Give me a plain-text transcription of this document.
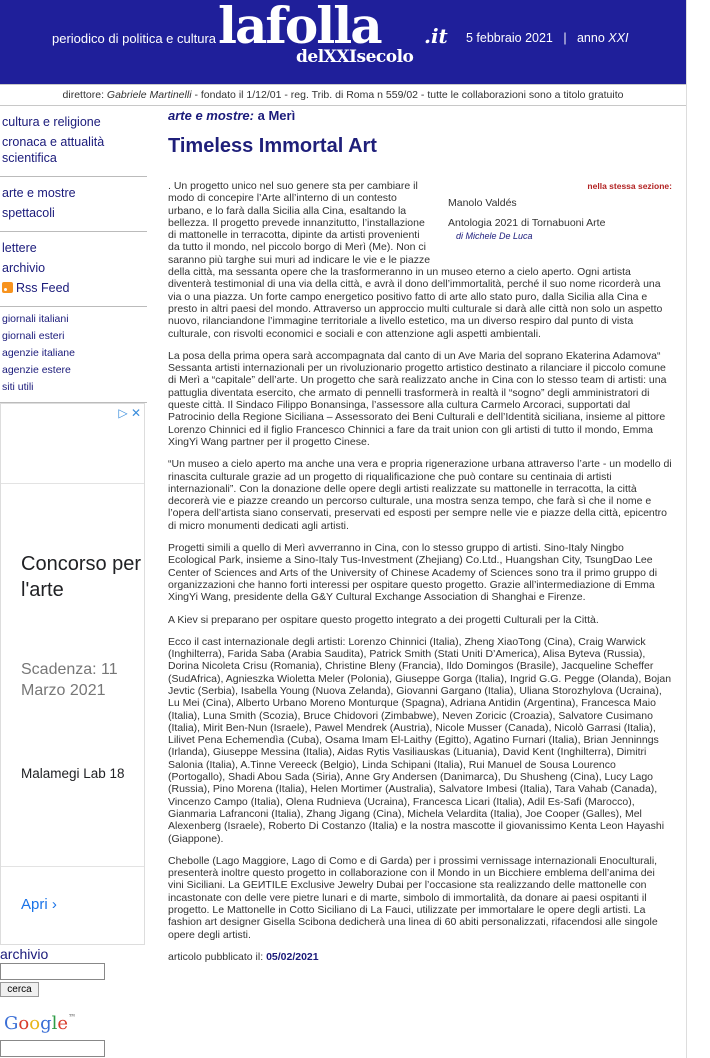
periodico di politica e cultura lafolla .it
delXXIsecolo
5 febbraio 2021 | anno XXI
direttore: Gabriele Martinelli - fondato il 1/12/01 - reg. Trib. di Roma n 559/02 - tutte le collaborazioni sono a titolo gratuito
cultura e religione
cronaca e attualità scientifica
arte e mostre
spettacoli
lettere
archivio
Rss Feed
giornali italiani
giornali esteri
agenzie italiane
agenzie estere
siti utili
▷ ✕
Concorso per l'arte
Scadenza: 11 Marzo 2021
Malamegi Lab 18
Apri ›
archivio
cerca
Google™
arte e mostre: a Merì
Timeless Immortal Art
nella stessa sezione:
Manolo Valdés
Antologia 2021 di Tornabuoni Arte
di Michele De Luca

. Un progetto unico nel suo genere sta per cambiare il modo di concepire l’Arte all’interno di un contesto urbano, e lo farà dalla Sicilia alla Cina, esaltando la bellezza. Il progetto prevede innanzitutto, l’installazione di mattonelle in terracotta, dipinte da artisti provenienti da tutto il mondo, nel piccolo borgo di Merì (Me). Non ci saranno più targhe sui muri ad indicare le vie e le piazze della città, ma sessanta opere che la trasformeranno in un museo eterno a cielo aperto. Ogni artista diventerà testimonial di una via della città, e avrà il dono dell’immortalità, perché il suo nome ricorderà una via o una piazza. Un forte campo energetico positivo fatto di arte allo stato puro, dalla Sicilia alla Cina e presto in altri paesi del mondo. Attraverso un approccio multi culturale si darà alle città non solo un aspetto nuovo, rilanciandone l’immagine territoriale a livello estetico, ma un diverso respiro dal punto di vista culturale, con risvolti economici e sociali e con attenzione agli aspetti ambientali.

La posa della prima opera sarà accompagnata dal canto di un Ave Maria del soprano Ekaterina Adamova“ Sessanta artisti internazionali per un rivoluzionario progetto artistico destinato a rilanciare il piccolo comune di Merì a “capitale” dell’arte. Un progetto che sarà realizzato anche in Cina con lo stesso team di artisti: una pattuglia diventata esercito, che armato di pennelli trasformerà in realtà il “sogno” degli amministratori di queste città. Il Sindaco Filippo Bonansinga, l’assessore alla cultura Carmelo Arcoraci, supportati dal Patrocinio della Regione Siciliana – Assessorato dei Beni Culturali e dell’Identità siciliana, insieme al pittore Lorenzo Chinnici ed il figlio Francesco Chinnici a fare da trait union con gli artisti di tutto il mondo, Emma XingYi Wang partner per il progetto Cinese.

“Un museo a cielo aperto ma anche una vera e propria rigenerazione urbana attraverso l’arte - un modello di rinascita culturale grazie ad un progetto di riqualificazione che può contare su centinaia di artisti internazionali”. Con la donazione delle opere degli artisti realizzate su mattonelle in terracotta, la città decorerà vie e piazze creando un percorso culturale, una mostra senza tempo, che farà sì che il nome e l’opera dell’artista siano conservati, preservati ed esposti per sempre nelle vie e piazze della città, epicentro di micro monumenti dedicati agli artisti.

Progetti simili a quello di Merì avverranno in Cina, con lo stesso gruppo di artisti. Sino-Italy Ningbo Ecological Park, insieme a Sino-Italy Tus-Investment (Zhejiang) Co.Ltd., Huangshan City, TsungDao Lee Center of Sciences and Arts of the University of Chinese Academy of Sciences sono tra il primo gruppo di organizzazioni che hanno forti interessi per ospitare questo progetto. Grazie all’intermediazione di Emma XingYi Wang, presidente della G&Y Cultural Exchange Association di Shanghai e Firenze.

A Kiev si preparano per ospitare questo progetto integrato a dei progetti Culturali per la Città.

Ecco il cast internazionale degli artisti: Lorenzo Chinnici (Italia), Zheng XiaoTong (Cina), Craig Warwick (Inghilterra), Farida Saba (Arabia Saudita), Patrick Smith (Stati Uniti D’America), Alisa Byteva (Russia), Dorina Nicoleta Crisu (Romania), Christine Bleny (Francia), Ildo Domingos (Brasile), Jacqueline Scheffer (SudAfrica), Agnieszka Wioletta Meler (Polonia), Giuseppe Gorga (Italia), Ingrid G.G. Pegge (Olanda), Bojan Jevtic (Serbia), Isabella Young (Nuova Zelanda), Giovanni Gargano (Italia), Uliana Storozhylova (Ucraina), Lu Mei (Cina), Alberto Urbano Moreno Monturque (Spagna), Adriana Antidin (Argentina), Francesca Maio (Italia), Luna Smith (Scozia), Bruce Chidovori (Zimbabwe), Neven Zoricic (Croazia), Salvatore Cusimano (Italia), Mirit Ben-Nun (Israele), Pawel Mendrek (Austria), Nicole Musser (Canada), Nicolò Garrasi (Italia), Lilivet Pena Echemendìa (Cuba), Osama Imam El-Laithy (Egitto), Agatino Furnari (Italia), Brian Jenninngs (Irlanda), Giuseppe Messina (Italia), Aidas Rytis Vasiliauskas (Lituania), David Kent (Inghilterra), Dimitri Salonia (Italia), A.Tinne Vereeck (Belgio), Linda Schipani (Italia), Rui Manuel de Sousa Lourenco (Portogallo), Shadi Abou Sada (Siria), Anne Gry Andersen (Danimarca), Du Shusheng (Cina), Lucy Lago (Russia), Pino Morena (Italia), Helen Mortimer (Australia), Salvatore Imbesi (Italia), Tara Vahab (Canada), Vincenzo Campo (Italia), Olena Rudnieva (Ucraina), Francesca Licari (Italia), Adil Es-Safi (Marocco), Gianmaria Lafranconi (Italia), Zhang Jigang (Cina), Michela Velardita (Italia), Joe Cooper (Galles), Mel Alexenberg (Israele), Roberto Di Costanzo (Italia) e la nostra mascotte il giovanissimo Kenta Leon Hayashi (Giappone).

Chebolle (Lago Maggiore, Lago di Como e di Garda) per i prossimi vernissage internazionali Enoculturali, presenterà inoltre questo progetto in collaborazione con il Mondo in un Bicchiere emblema dell’anima dei vini Siciliani. La GEИTILE Exclusive Jewelry Dubai per l’occasione sta realizzando delle mattonelle con incastonate con delle vere pietre lunari e di marte, simbolo di immortalità, da donare ai paesi ospitanti il progetto. Le Mattonelle in Cotto Siciliano di La Fauci, utilizzate per immortalare le opere degli artisti. La fashion art designer Gisella Scibona dedicherà una linea di 60 abiti personalizzati, rifacendosi alle singole opere degli artisti.

articolo pubblicato il: 05/02/2021
